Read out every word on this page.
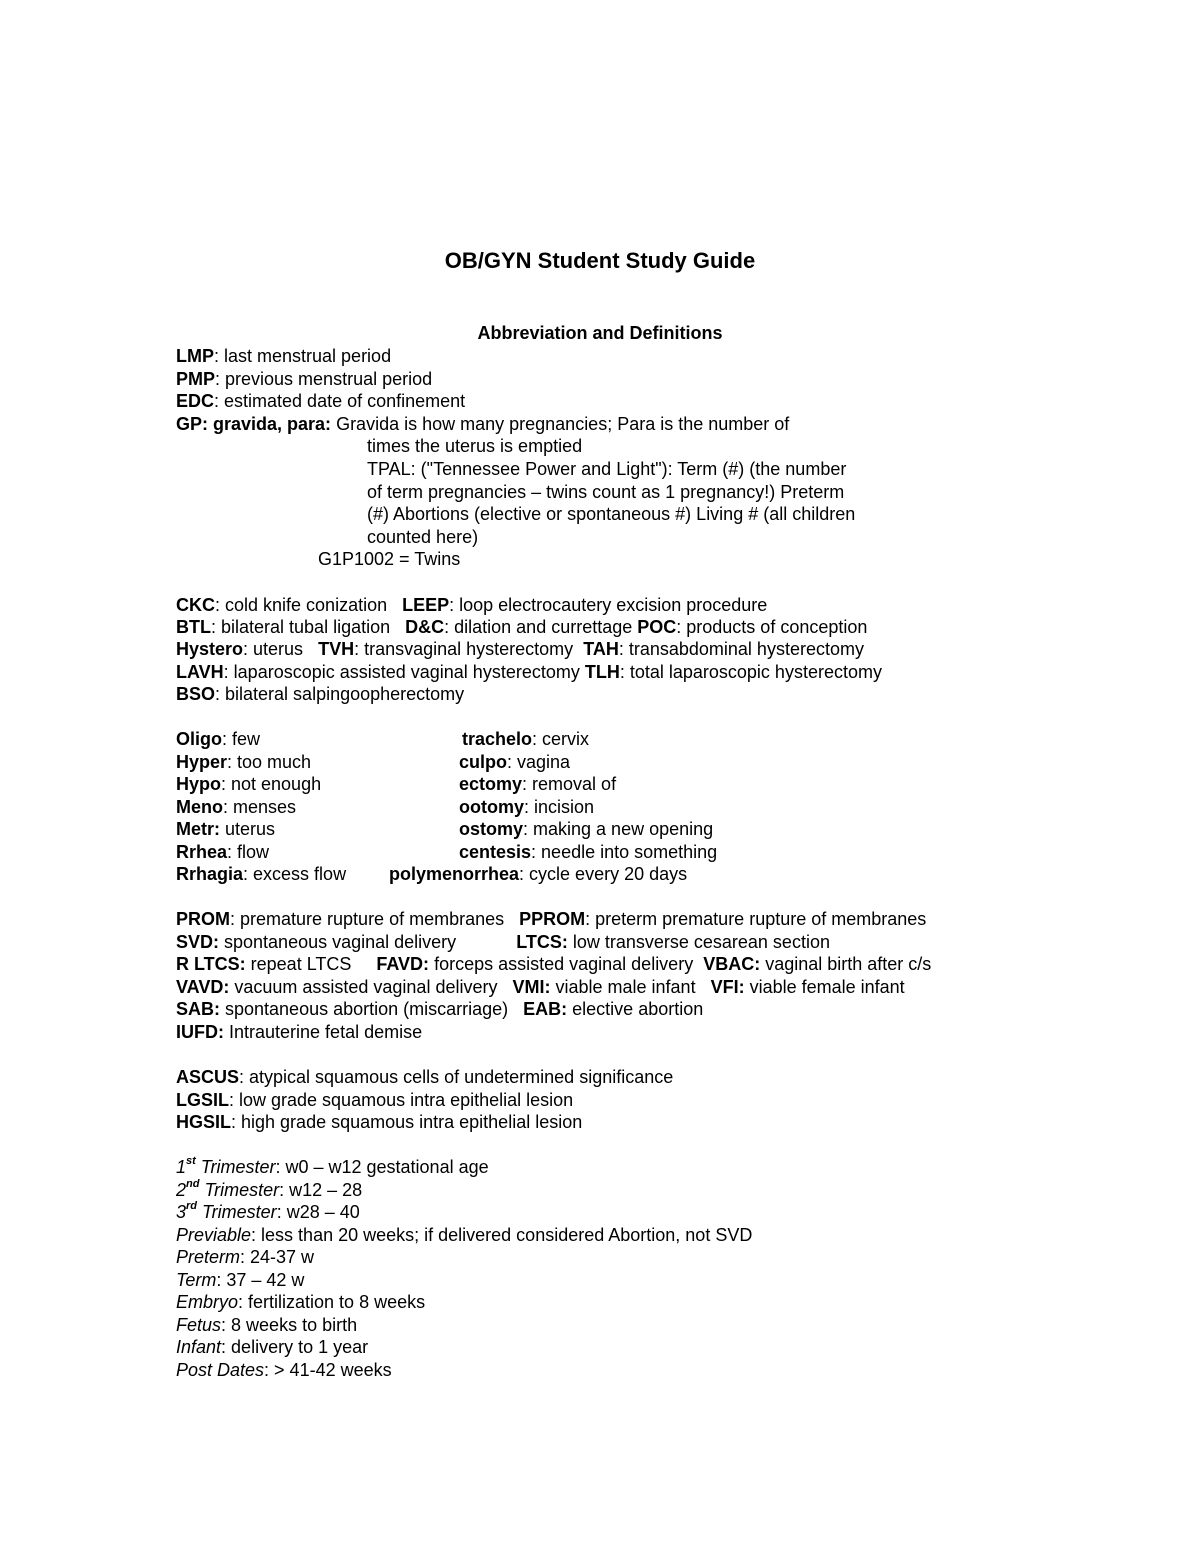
OB/GYN Student Study Guide
Abbreviation and Definitions
LMP: last menstrual period
PMP: previous menstrual period
EDC: estimated date of confinement
GP: gravida, para: Gravida is how many pregnancies; Para is the number of
times the uterus is emptied
TPAL: ("Tennessee Power and Light"): Term (#) (the number
of term pregnancies – twins count as 1 pregnancy!) Preterm
(#) Abortions (elective or spontaneous #) Living # (all children
counted here)
G1P1002 = Twins
CKC: cold knife conization   LEEP: loop electrocautery excision procedure
BTL: bilateral tubal ligation   D&C: dilation and currettage POC: products of conception
Hystero: uterus   TVH: transvaginal hysterectomy  TAH: transabdominal hysterectomy
LAVH: laparoscopic assisted vaginal hysterectomy TLH: total laparoscopic hysterectomy
BSO: bilateral salpingoopherectomy
Oligo: few
Hyper: too much
Hypo: not enough
Meno: menses
Metr: uterus
Rrhea: flow
Rrhagia: excess flow
trachelo: cervix
culpo: vagina
ectomy: removal of
ootomy: incision
ostomy: making a new opening
centesis: needle into something
polymenorrhea: cycle every 20 days
PROM: premature rupture of membranes   PPROM: preterm premature rupture of membranes
SVD: spontaneous vaginal delivery            LTCS: low transverse cesarean section
R LTCS: repeat LTCS     FAVD: forceps assisted vaginal delivery  VBAC: vaginal birth after c/s
VAVD: vacuum assisted vaginal delivery   VMI: viable male infant   VFI: viable female infant
SAB: spontaneous abortion (miscarriage)   EAB: elective abortion
IUFD: Intrauterine fetal demise
ASCUS: atypical squamous cells of undetermined significance
LGSIL: low grade squamous intra epithelial lesion
HGSIL: high grade squamous intra epithelial lesion
1st Trimester: w0 – w12 gestational age
2nd Trimester: w12 – 28
3rd Trimester: w28 – 40
Previable: less than 20 weeks; if delivered considered Abortion, not SVD
Preterm: 24-37 w
Term: 37 – 42 w
Embryo: fertilization to 8 weeks
Fetus: 8 weeks to birth
Infant: delivery to 1 year
Post Dates: > 41-42 weeks
